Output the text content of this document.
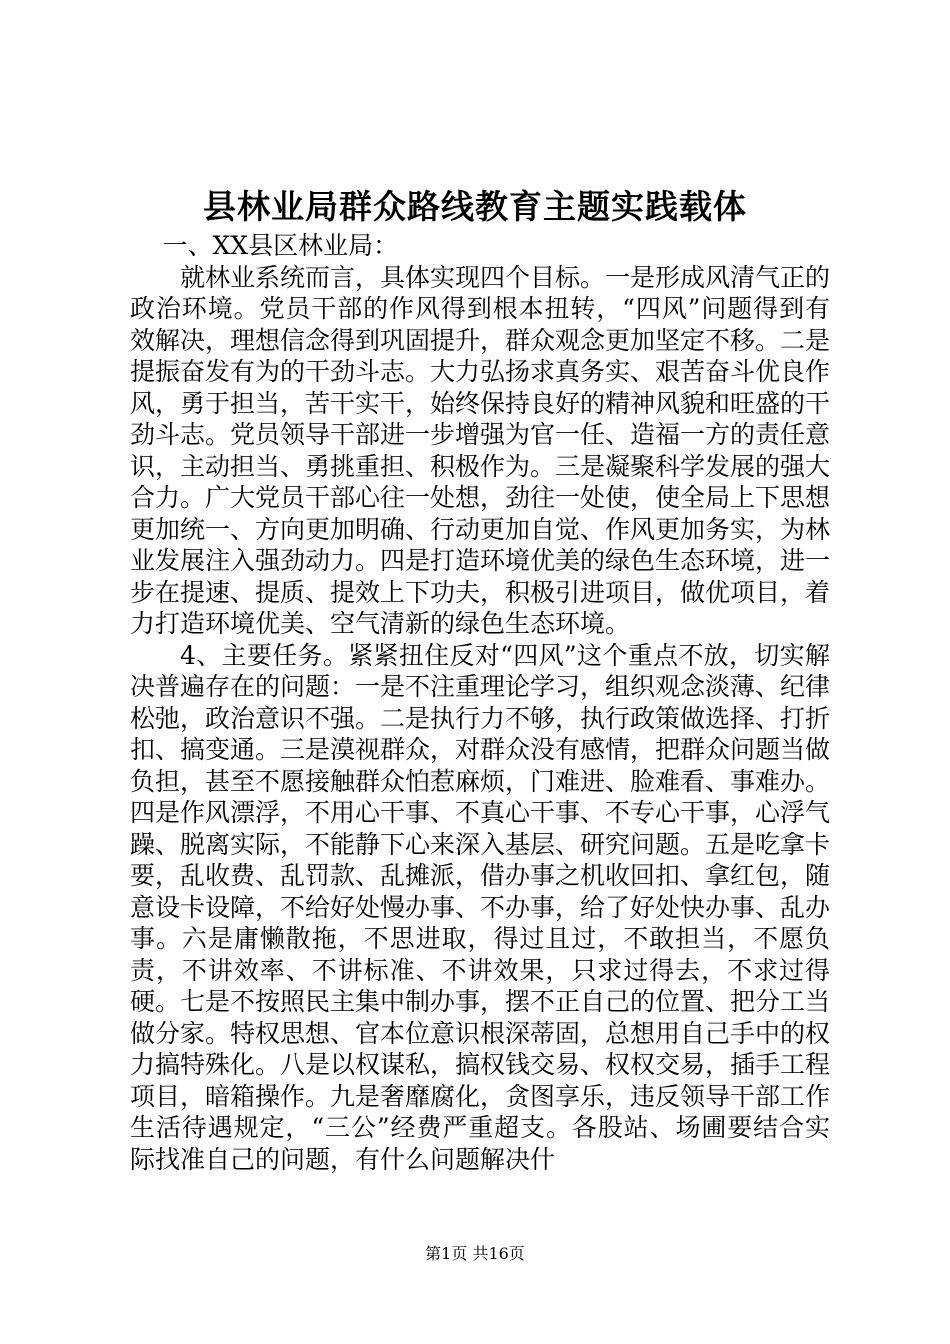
县林业局群众路线教育主题实践载体

一、XX县区林业局：

就林业系统而言，具体实现四个目标。一是形成风清气正的政治环境。党员干部的作风得到根本扭转，“四风”问题得到有效解决，理想信念得到巩固提升，群众观念更加坚定不移。二是提振奋发有为的干劲斗志。大力弘扬求真务实、艰苦奋斗优良作风，勇于担当，苦干实干，始终保持良好的精神风貌和旺盛的干劲斗志。党员领导干部进一步增强为官一任、造福一方的责任意识，主动担当、勇挑重担、积极作为。三是凝聚科学发展的强大合力。广大党员干部心往一处想，劲往一处使，使全局上下思想更加统一、方向更加明确、行动更加自觉、作风更加务实，为林业发展注入强劲动力。四是打造环境优美的绿色生态环境，进一步在提速、提质、提效上下功夫，积极引进项目，做优项目，着力打造环境优美、空气清新的绿色生态环境。

4、主要任务。紧紧扭住反对“四风”这个重点不放，切实解决普遍存在的问题：一是不注重理论学习，组织观念淡薄、纪律松弛，政治意识不强。二是执行力不够，执行政策做选择、打折扣、搞变通。三是漠视群众，对群众没有感情，把群众问题当做负担，甚至不愿接触群众怕惹麻烦，门难进、脸难看、事难办。四是作风漂浮，不用心干事、不真心干事、不专心干事，心浮气躁、脱离实际，不能静下心来深入基层、研究问题。五是吃拿卡要，乱收费、乱罚款、乱摊派，借办事之机收回扣、拿红包，随意设卡设障，不给好处慢办事、不办事，给了好处快办事、乱办事。六是庸懒散拖，不思进取，得过且过，不敢担当，不愿负责，不讲效率、不讲标准、不讲效果，只求过得去，不求过得硬。七是不按照民主集中制办事，摆不正自己的位置、把分工当做分家。特权思想、官本位意识根深蒂固，总想用自己手中的权力搞特殊化。八是以权谋私，搞权钱交易、权权交易，插手工程项目，暗箱操作。九是奢靡腐化，贪图享乐，违反领导干部工作生活待遇规定，“三公”经费严重超支。各股站、场圃要结合实际找准自己的问题，有什么问题解决什

第1页 共16页
